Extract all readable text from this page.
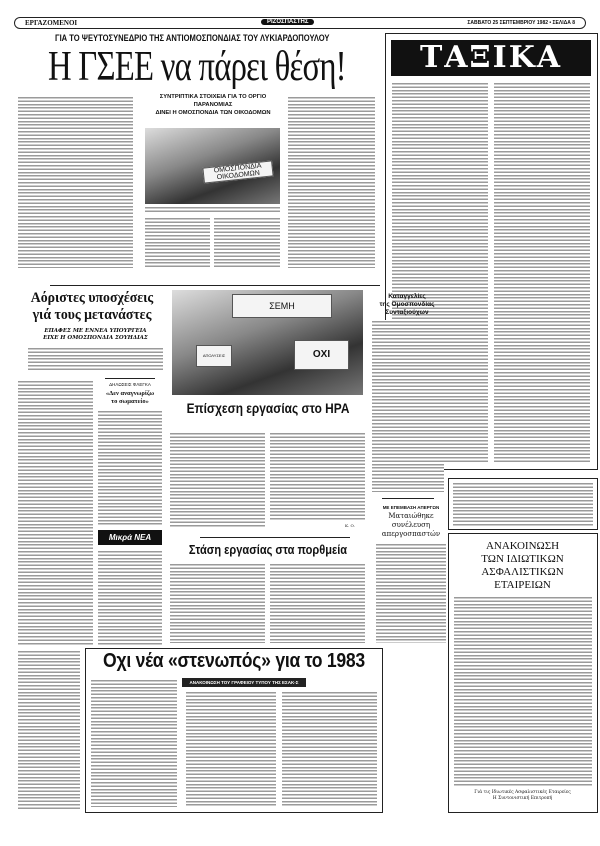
ΕΡΓΑΖΟΜΕΝΟΙ	ΡΙΖΟΣΠΑΣΤΗΣ	ΣΑΒΒΑΤΟ 25 ΣΕΠΤΕΜΒΡΙΟΥ 1982 • ΣΕΛΙΔΑ 8
ΓΙΑ ΤΟ ΨΕΥΤΟΣΥΝΕΔΡΙΟ ΤΗΣ ΑΝΤΙΟΜΟΣΠΟΝΔΙΑΣ ΤΟΥ ΛΥΚΙΑΡΔΟΠΟΥΛΟΥ
Η ΓΣΕΕ να πάρει θέση!
ΣΥΝΤΡΙΠΤΙΚΑ ΣΤΟΙΧΕΙΑ ΓΙΑ ΤΟ ΟΡΓΙΟ ΠΑΡΑΝΟΜΙΑΣ
ΔΙΝΕΙ Η ΟΜΟΣΠΟΝΔΙΑ ΤΩΝ ΟΙΚΟΔΟΜΩΝ
ΟΜΟΣΠΟΝΔΙΑ ΟΙΚΟΔΟΜΩΝ
ΤΑΞΙΚΑ
Αόριστες υποσχέσεις
γιά τους μετανάστες
ΕΠΑΦΕΣ ΜΕ ΕΝΝΕΑ ΥΠΟΥΡΓΕΙΑ
ΕΙΧΕ Η ΟΜΟΣΠΟΝΔΙΑ ΣΟΥΗΔΙΑΣ
ΔΗΛΩΣΕΙΣ ΦΛΕΓΚΑ
«Δεν αναγνωρίζω
το σωματείο»
Μικρά ΝΕΑ
ΣΕΜΗ
ΟΧΙ
ΑΠΟΛΥΣΕΙΣ
Καταγγελίες
της Ομοσπονδίας
Συνταξιούχων
Επίσχεση εργασίας στο ΗΡΑ
Κ. Ο.
Στάση εργασίας στα πορθμεία
ΜΕ ΕΠΕΜΒΑΣΗ ΑΠΕΡΓΩΝ
Ματαιώθηκε
συνέλευση
απεργοσπαστών
ΑΝΑΚΟΙΝΩΣΗ
ΤΩΝ ΙΔΙΩΤΙΚΩΝ
ΑΣΦΑΛΙΣΤΙΚΩΝ
ΕΤΑΙΡΕΙΩΝ
Γιά τις Ιδιωτικές Ασφαλιστικές Εταιρείες
Η Συντονιστική Επιτροπή
Οχι νέα «στενωπός» για το 1983
ΑΝΑΚΟΙΝΩΣΗ ΤΟΥ ΓΡΑΦΕΙΟΥ ΤΥΠΟΥ ΤΗΣ ΕΣΑΚ-Σ
